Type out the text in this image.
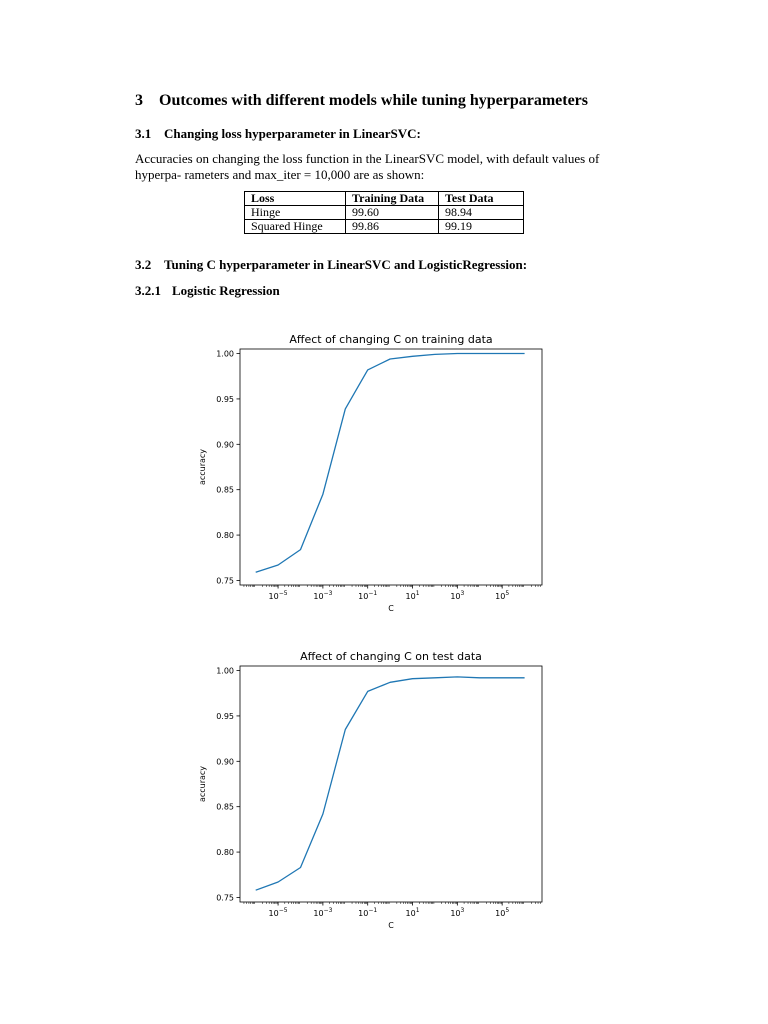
3 Outcomes with different models while tuning hyperparameters
3.1 Changing loss hyperparameter in LinearSVC:
Accuracies on changing the loss function in the LinearSVC model, with default values of hyperpa- rameters and max_iter = 10,000 are as shown:
Loss	Training Data	Test Data
Hinge	99.60	98.94
Squared Hinge	99.86	99.19
3.2 Tuning C hyperparameter in LinearSVC and LogisticRegression:
3.2.1 Logistic Regression
Affect of changing C on training data
0.75
0.80
0.85
0.90
0.95
1.00
$10^{-5}$	$10^{-3}$	$10^{-1}$	$10^1$	$10^3$	$10^5$
C
accuracy
Affect of changing C on test data
0.75
0.80
0.85
0.90
0.95
1.00
$10^{-5}$	$10^{-3}$	$10^{-1}$	$10^1$	$10^3$	$10^5$
C
accuracy
